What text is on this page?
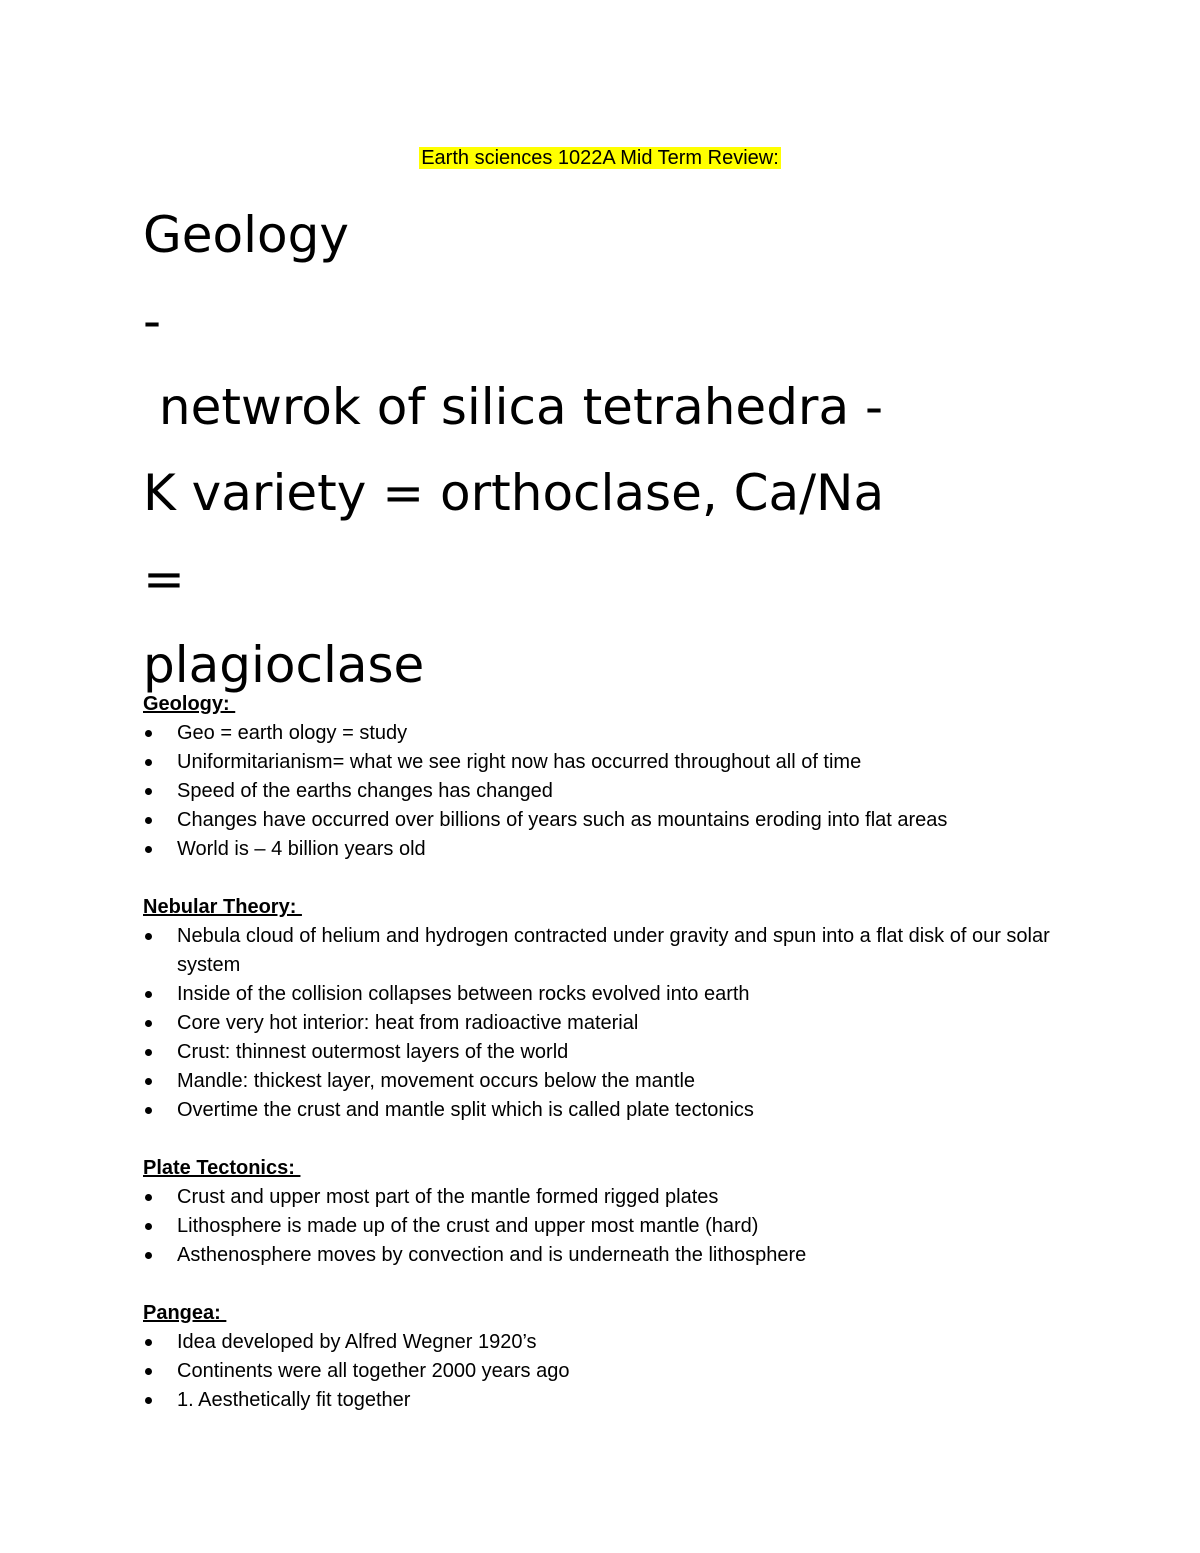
Earth sciences 1022A Mid Term Review:
Geology
-
netwrok of silica tetrahedra -
K variety = orthoclase, Ca/Na
=
plagioclase
Geology:
Geo = earth ology = study
Uniformitarianism= what we see right now has occurred throughout all of time
Speed of the earths changes has changed
Changes have occurred over billions of years such as mountains eroding into flat areas
World is – 4 billion years old
Nebular Theory:
Nebula cloud of helium and hydrogen contracted under gravity and spun into a flat disk of our solar system
Inside of the collision collapses between rocks evolved into earth
Core very hot interior: heat from radioactive material
Crust: thinnest outermost layers of the world
Mandle: thickest layer, movement occurs below the mantle
Overtime the crust and mantle split which is called plate tectonics
Plate Tectonics:
Crust and upper most part of the mantle formed rigged plates
Lithosphere is made up of the crust and upper most mantle (hard)
Asthenosphere moves by convection and is underneath the lithosphere
Pangea:
Idea developed by Alfred Wegner 1920’s
Continents were all together 2000 years ago
1. Aesthetically fit together
